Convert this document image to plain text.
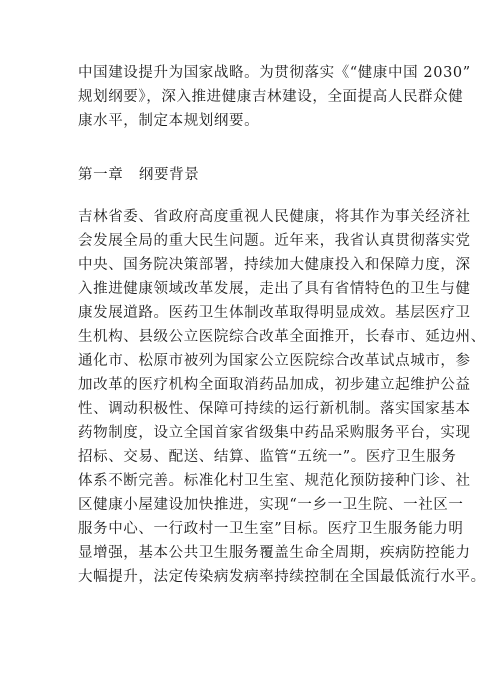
中国建设提升为国家战略。为贯彻落实《“健康中国 2030”
规划纲要》，深入推进健康吉林建设，全面提高人民群众健
康水平，制定本规划纲要。

第一章   纲要背景

吉林省委、省政府高度重视人民健康，将其作为事关经济社
会发展全局的重大民生问题。近年来，我省认真贯彻落实党
中央、国务院决策部署，持续加大健康投入和保障力度，深
入推进健康领域改革发展，走出了具有省情特色的卫生与健
康发展道路。医药卫生体制改革取得明显成效。基层医疗卫
生机构、县级公立医院综合改革全面推开，长春市、延边州、
通化市、松原市被列为国家公立医院综合改革试点城市，参
加改革的医疗机构全面取消药品加成，初步建立起维护公益
性、调动积极性、保障可持续的运行新机制。落实国家基本
药物制度，设立全国首家省级集中药品采购服务平台，实现
招标、交易、配送、结算、监管“五统一”。医疗卫生服务
体系不断完善。标准化村卫生室、规范化预防接种门诊、社
区健康小屋建设加快推进，实现“一乡一卫生院、一社区一
服务中心、一行政村一卫生室”目标。医疗卫生服务能力明
显增强，基本公共卫生服务覆盖生命全周期，疾病防控能力
大幅提升，法定传染病发病率持续控制在全国最低流行水平。
